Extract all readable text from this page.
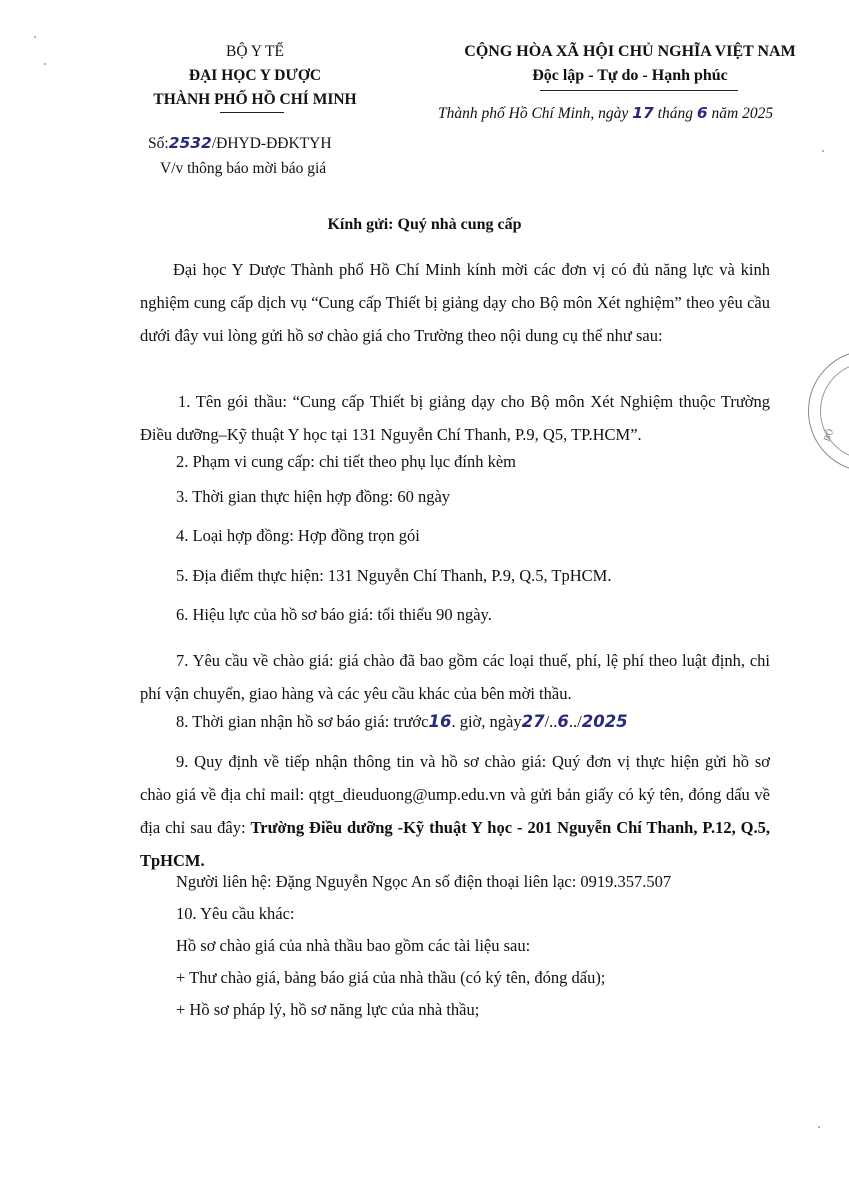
BỘ Y TẾ
ĐẠI HỌC Y DƯỢC
THÀNH PHỐ HỒ CHÍ MINH
CỘNG HÒA XÃ HỘI CHỦ NGHĨA VIỆT NAM
Độc lập - Tự do - Hạnh phúc
Thành phố Hồ Chí Minh, ngày 17 tháng 6 năm 2025
Số:2532/ĐHYD-ĐĐKTYH
V/v thông báo mời báo giá
Kính gửi: Quý nhà cung cấp
Đại học Y Dược Thành phố Hồ Chí Minh kính mời các đơn vị có đủ năng lực và kinh nghiệm cung cấp dịch vụ “Cung cấp Thiết bị giảng dạy cho Bộ môn Xét nghiệm” theo yêu cầu dưới đây vui lòng gửi hồ sơ chào giá cho Trường theo nội dung cụ thể như sau:
1. Tên gói thầu: “Cung cấp Thiết bị giảng dạy cho Bộ môn Xét Nghiệm thuộc Trường Điều dưỡng–Kỹ thuật Y học tại 131 Nguyễn Chí Thanh, P.9, Q5, TP.HCM”.
2. Phạm vi cung cấp: chi tiết theo phụ lục đính kèm
3. Thời gian thực hiện hợp đồng: 60 ngày
4. Loại hợp đồng: Hợp đồng trọn gói
5. Địa điểm thực hiện: 131 Nguyễn Chí Thanh, P.9, Q.5, TpHCM.
6. Hiệu lực của hồ sơ báo giá: tối thiểu 90 ngày.
7. Yêu cầu về chào giá: giá chào đã bao gồm các loại thuế, phí, lệ phí theo luật định, chi phí vận chuyển, giao hàng và các yêu cầu khác của bên mời thầu.
8. Thời gian nhận hồ sơ báo giá: trước16. giờ, ngày27/..6../2025
9. Quy định về tiếp nhận thông tin và hồ sơ chào giá: Quý đơn vị thực hiện gửi hồ sơ chào giá về địa chỉ mail: qtgt_dieuduong@ump.edu.vn và gửi bản giấy có ký tên, đóng dấu về địa chỉ sau đây: Trường Điều dưỡng -Kỹ thuật Y học - 201 Nguyễn Chí Thanh, P.12, Q.5, TpHCM.
Người liên hệ: Đặng Nguyễn Ngọc An số điện thoại liên lạc: 0919.357.507
10. Yêu cầu khác:
Hồ sơ chào giá của nhà thầu bao gồm các tài liệu sau:
+ Thư chào giá, bảng báo giá của nhà thầu (có ký tên, đóng dấu);
+ Hồ sơ pháp lý, hồ sơ năng lực của nhà thầu;
BỘ
